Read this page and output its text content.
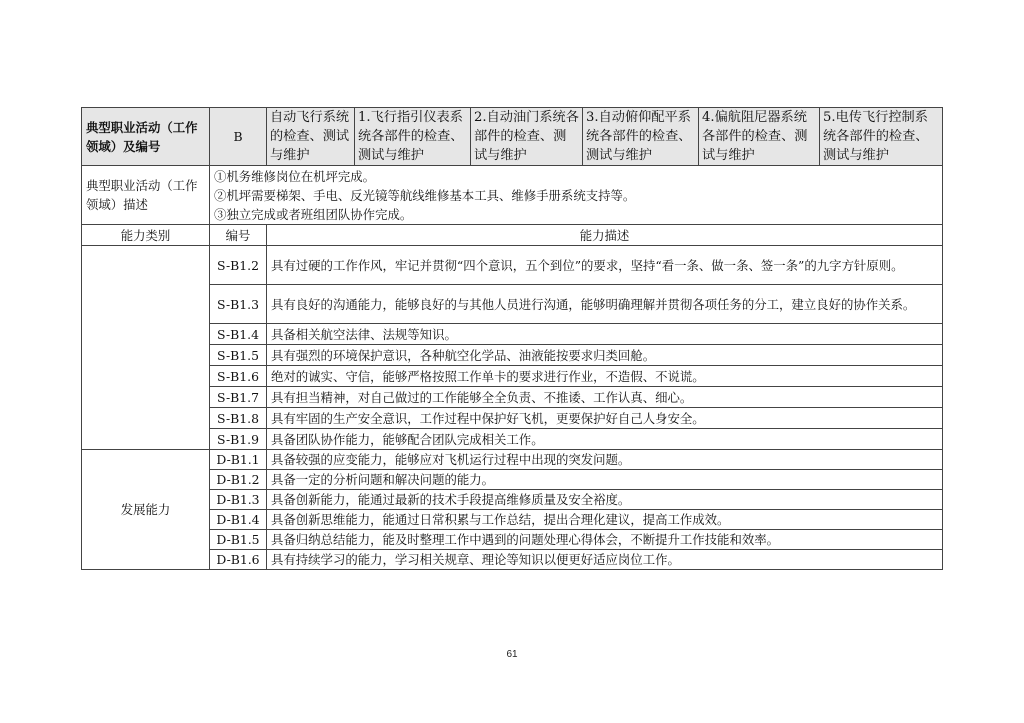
典型职业活动（工作领域）及编号	B	自动飞行系统的检查、测试与维护	1.飞行指引仪表系统各部件的检查、测试与维护	2.自动油门系统各部件的检查、测试与维护	3.自动俯仰配平系统各部件的检查、测试与维护	4.偏航阻尼器系统各部件的检查、测试与维护	5.电传飞行控制系统各部件的检查、测试与维护
典型职业活动（工作领域）描述	①机务维修岗位在机坪完成。
②机坪需要梯架、手电、反光镜等航线维修基本工具、维修手册系统支持等。
③独立完成或者班组团队协作完成。						

能力类别	编号	能力描述					
	S-B1.2	具有过硬的工作作风，牢记并贯彻“四个意识，五个到位”的要求，坚持“看一条、做一条、签一条”的九字方针原则。					
	S-B1.3	具有良好的沟通能力，能够良好的与其他人员进行沟通，能够明确理解并贯彻各项任务的分工，建立良好的协作关系。					
	S-B1.4	具备相关航空法律、法规等知识。					
	S-B1.5	具有强烈的环境保护意识，各种航空化学品、油液能按要求归类回舱。					
	S-B1.6	绝对的诚实、守信，能够严格按照工作单卡的要求进行作业，不造假、不说谎。					
	S-B1.7	具有担当精神，对自己做过的工作能够全全负责、不推诿、工作认真、细心。					
	S-B1.8	具有牢固的生产安全意识，工作过程中保护好飞机，更要保护好自己人身安全。					
	S-B1.9	具备团队协作能力，能够配合团队完成相关工作。					
发展能力	D-B1.1	具备较强的应变能力，能够应对飞机运行过程中出现的突发问题。					
	D-B1.2	具备一定的分析问题和解决问题的能力。					
	D-B1.3	具备创新能力，能通过最新的技术手段提高维修质量及安全裕度。					
	D-B1.4	具备创新思维能力，能通过日常积累与工作总结，提出合理化建议，提高工作成效。					
	D-B1.5	具备归纳总结能力，能及时整理工作中遇到的问题处理心得体会，不断提升工作技能和效率。					
	D-B1.6	具有持续学习的能力，学习相关规章、理论等知识以便更好适应岗位工作。					
61
